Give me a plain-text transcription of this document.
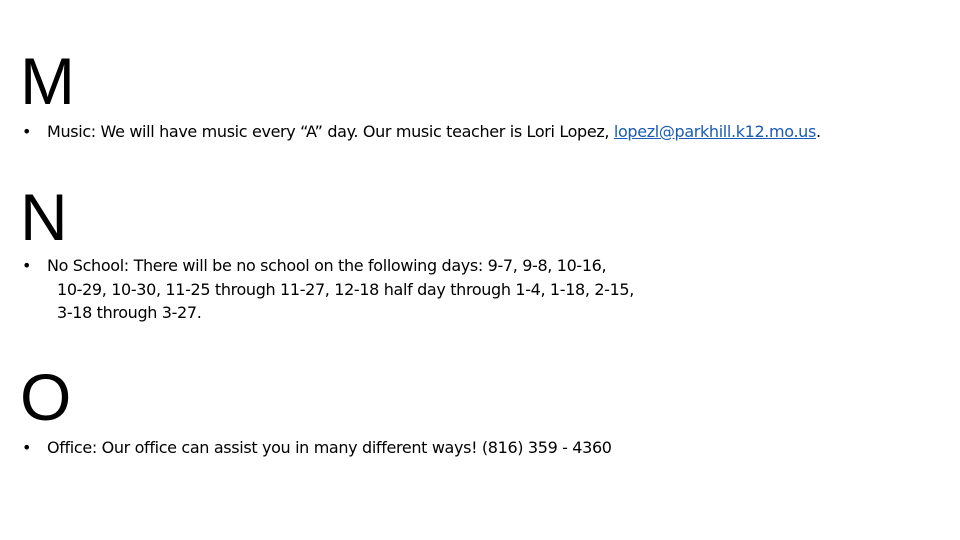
M
• Music: We will have music every “A” day. Our music teacher is Lori Lopez, lopezl@parkhill.k12.mo.us.
N
• No School: There will be no school on the following days: 9-7, 9-8, 10-16,
10-29, 10-30, 11-25 through 11-27, 12-18 half day through 1-4, 1-18, 2-15,
3-18 through 3-27.
O
• Office: Our office can assist you in many different ways! (816) 359 - 4360
